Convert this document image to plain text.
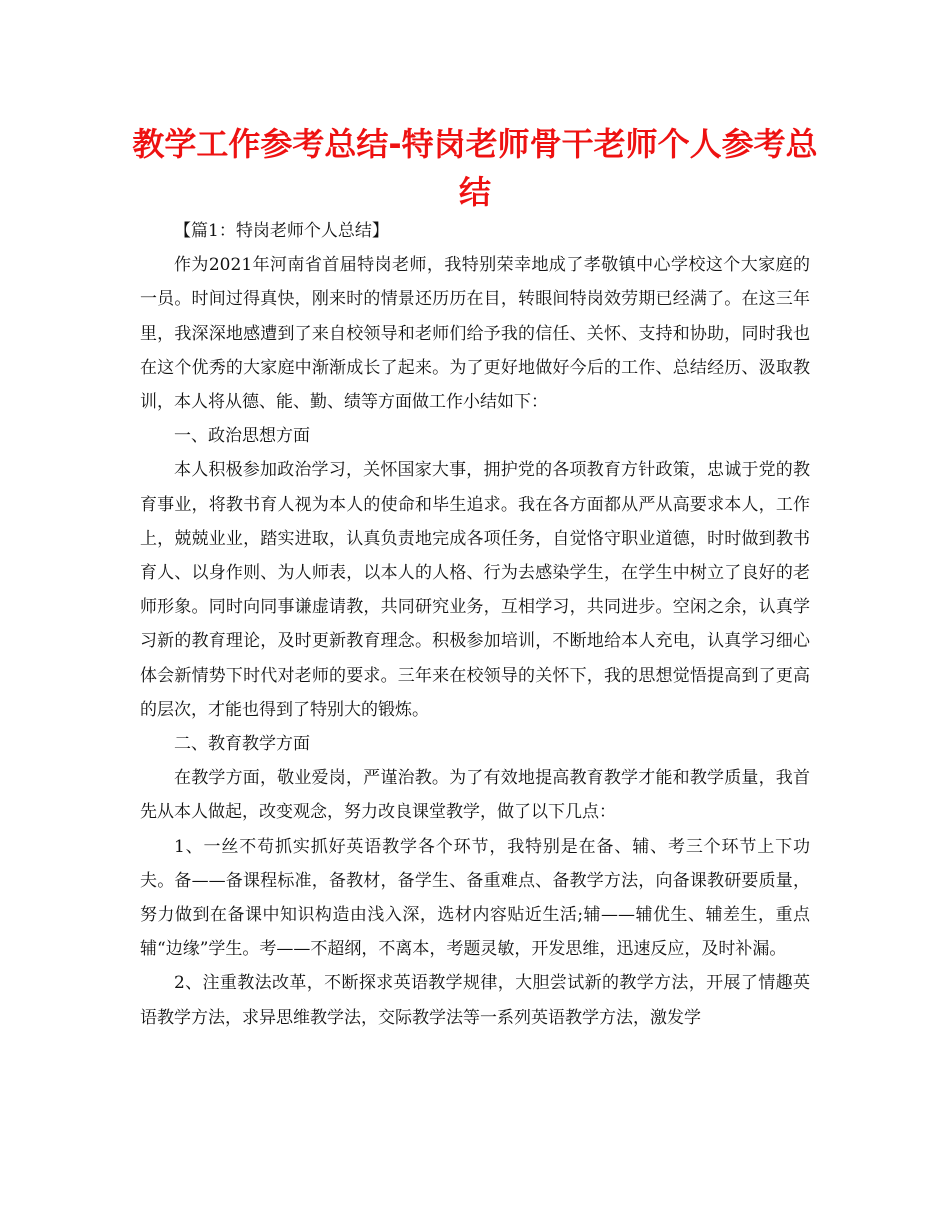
教学工作参考总结-特岗老师骨干老师个人参考总结

【篇1：特岗老师个人总结】

作为2021年河南省首届特岗老师，我特别荣幸地成了孝敬镇中心学校这个大家庭的一员。时间过得真快，刚来时的情景还历历在目，转眼间特岗效劳期已经满了。在这三年里，我深深地感遭到了来自校领导和老师们给予我的信任、关怀、支持和协助，同时我也在这个优秀的大家庭中渐渐成长了起来。为了更好地做好今后的工作、总结经历、汲取教训，本人将从德、能、勤、绩等方面做工作小结如下：

一、政治思想方面

本人积极参加政治学习，关怀国家大事，拥护党的各项教育方针政策，忠诚于党的教育事业，将教书育人视为本人的使命和毕生追求。我在各方面都从严从高要求本人，工作上，兢兢业业，踏实进取，认真负责地完成各项任务，自觉恪守职业道德，时时做到教书育人、以身作则、为人师表，以本人的人格、行为去感染学生，在学生中树立了良好的老师形象。同时向同事谦虚请教，共同研究业务，互相学习，共同进步。空闲之余，认真学习新的教育理论，及时更新教育理念。积极参加培训，不断地给本人充电，认真学习细心体会新情势下时代对老师的要求。三年来在校领导的关怀下，我的思想觉悟提高到了更高的层次，才能也得到了特别大的锻炼。

二、教育教学方面

在教学方面，敬业爱岗，严谨治教。为了有效地提高教育教学才能和教学质量，我首先从本人做起，改变观念，努力改良课堂教学，做了以下几点：

1、一丝不苟抓实抓好英语教学各个环节，我特别是在备、辅、考三个环节上下功夫。备——备课程标准，备教材，备学生、备重难点、备教学方法，向备课教研要质量，努力做到在备课中知识构造由浅入深，选材内容贴近生活;辅——辅优生、辅差生，重点辅“边缘”学生。考——不超纲，不离本，考题灵敏，开发思维，迅速反应，及时补漏。

2、注重教法改革，不断探求英语教学规律，大胆尝试新的教学方法，开展了情趣英语教学方法，求异思维教学法，交际教学法等一系列英语教学方法，激发学
